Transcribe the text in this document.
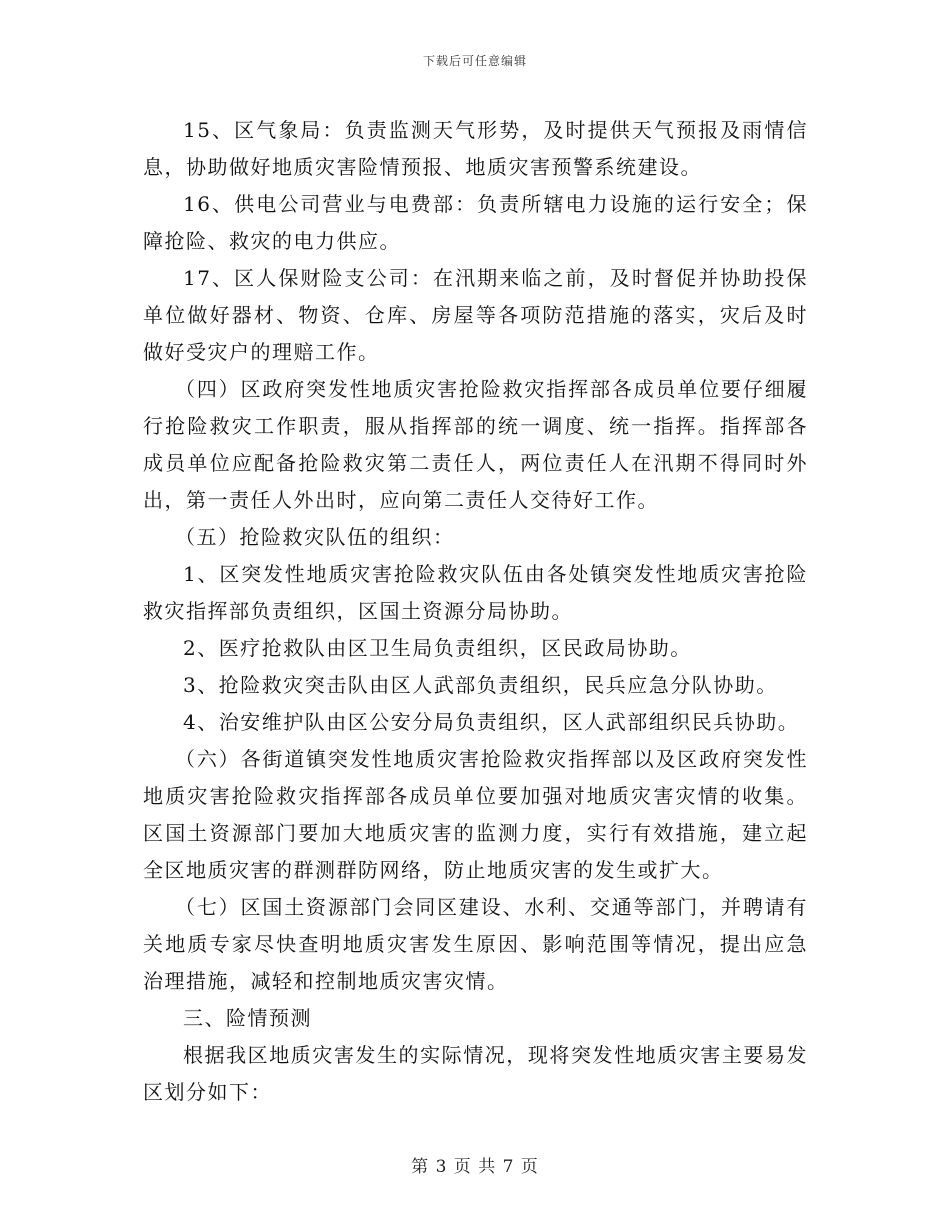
下载后可任意编辑

15、区气象局：负责监测天气形势，及时提供天气预报及雨情信息，协助做好地质灾害险情预报、地质灾害预警系统建设。

16、供电公司营业与电费部：负责所辖电力设施的运行安全；保障抢险、救灾的电力供应。

17、区人保财险支公司：在汛期来临之前，及时督促并协助投保单位做好器材、物资、仓库、房屋等各项防范措施的落实，灾后及时做好受灾户的理赔工作。

（四）区政府突发性地质灾害抢险救灾指挥部各成员单位要仔细履行抢险救灾工作职责，服从指挥部的统一调度、统一指挥。指挥部各成员单位应配备抢险救灾第二责任人，两位责任人在汛期不得同时外出，第一责任人外出时，应向第二责任人交待好工作。

（五）抢险救灾队伍的组织：

1、区突发性地质灾害抢险救灾队伍由各处镇突发性地质灾害抢险救灾指挥部负责组织，区国土资源分局协助。

2、医疗抢救队由区卫生局负责组织，区民政局协助。

3、抢险救灾突击队由区人武部负责组织，民兵应急分队协助。

4、治安维护队由区公安分局负责组织，区人武部组织民兵协助。

（六）各街道镇突发性地质灾害抢险救灾指挥部以及区政府突发性地质灾害抢险救灾指挥部各成员单位要加强对地质灾害灾情的收集。区国土资源部门要加大地质灾害的监测力度，实行有效措施，建立起全区地质灾害的群测群防网络，防止地质灾害的发生或扩大。

（七）区国土资源部门会同区建设、水利、交通等部门，并聘请有关地质专家尽快查明地质灾害发生原因、影响范围等情况，提出应急治理措施，减轻和控制地质灾害灾情。

三、险情预测

根据我区地质灾害发生的实际情况，现将突发性地质灾害主要易发区划分如下：

第 3 页 共 7 页
